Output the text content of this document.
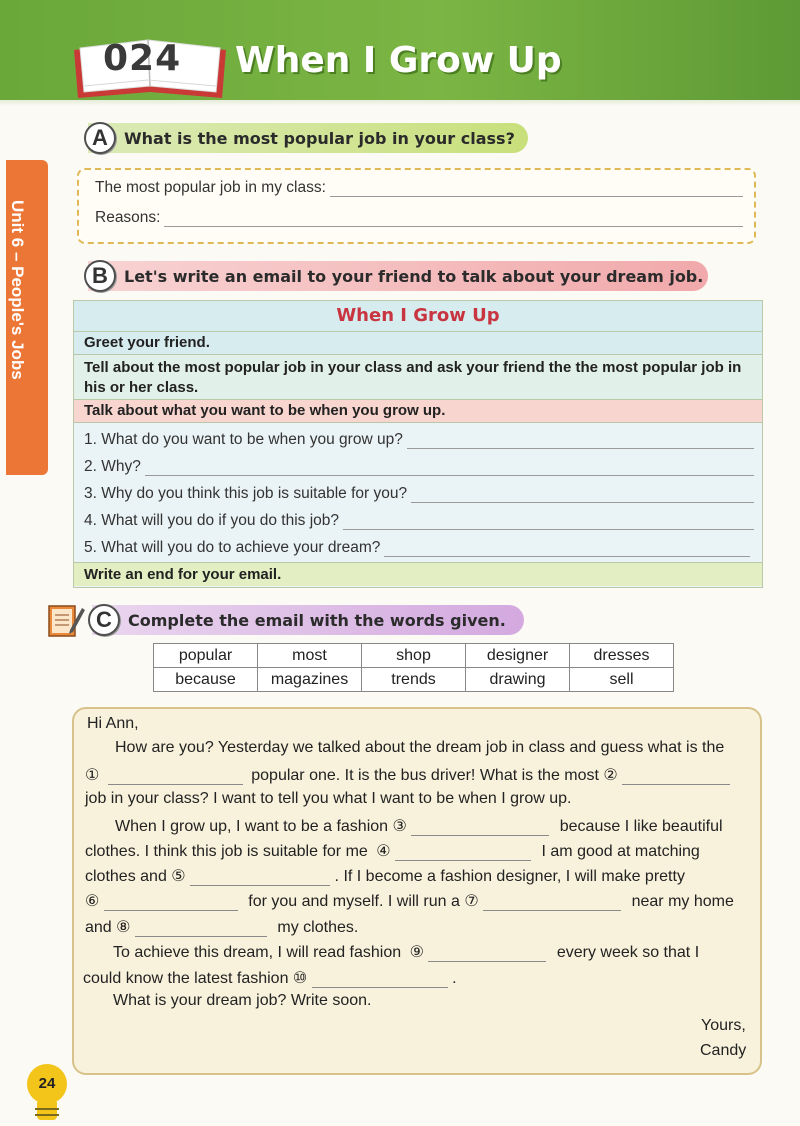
024	When I Grow Up
Unit 6 – People's Jobs
A	What is the most popular job in your class?
The most popular job in my class:
Reasons:
B	Let's write an email to your friend to talk about your dream job.
When I Grow Up
Greet your friend.
Tell about the most popular job in your class and ask your friend the the most popular job in his or her class.
Talk about what you want to be when you grow up.
1. What do you want to be when you grow up?
2. Why?
3. Why do you think this job is suitable for you?
4. What will you do if you do this job?
5. What will you do to achieve your dream?
Write an end for your email.
C	Complete the email with the words given.
popular	most	shop	designer	dresses
because	magazines	trends	drawing	sell
Hi Ann,
How are you? Yesterday we talked about the dream job in class and guess what is the
①	popular one. It is the bus driver! What is the most ②
job in your class? I want to tell you what I want to be when I grow up.
When I grow up, I want to be a fashion ③	because I like beautiful
clothes. I think this job is suitable for me ④	I am good at matching
clothes and ⑤	. If I become a fashion designer, I will make pretty
⑥	for you and myself. I will run a ⑦	near my home
and ⑧	my clothes.
To achieve this dream, I will read fashion ⑨	every week so that I
could know the latest fashion ⑩	.
What is your dream job? Write soon.
Yours,
Candy
24
